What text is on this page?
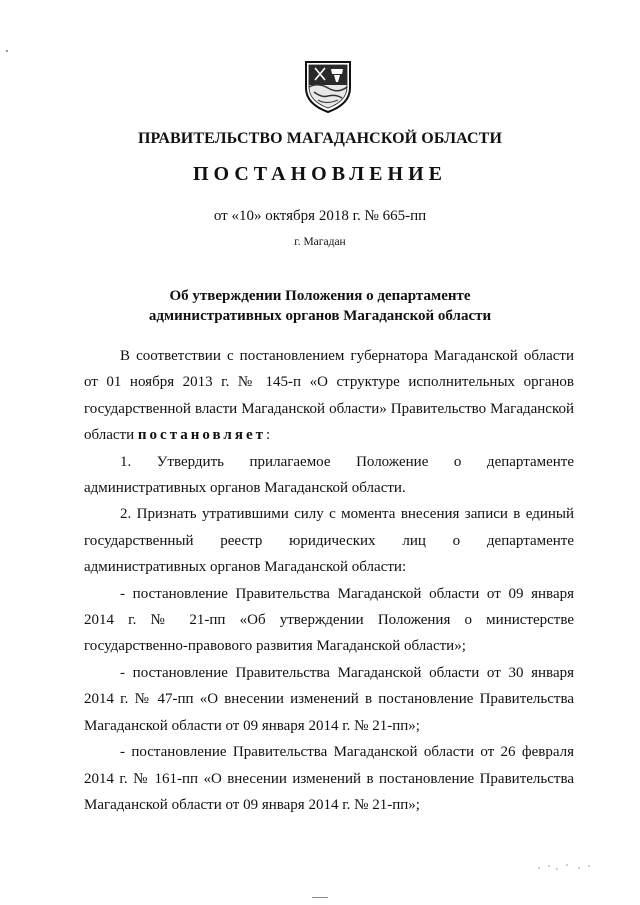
ПРАВИТЕЛЬСТВО МАГАДАНСКОЙ ОБЛАСТИ
ПОСТАНОВЛЕНИЕ
от «10» октября 2018 г. № 665-пп
г. Магадан
Об утверждении Положения о департаменте
административных органов Магаданской области

В соответствии с постановлением губернатора Магаданской области от 01 ноября 2013 г. № 145-п «О структуре исполнительных органов государственной власти Магаданской области» Правительство Магаданской области постановляет:

1. Утвердить прилагаемое Положение о департаменте административных органов Магаданской области.

2. Признать утратившими силу с момента внесения записи в единый государственный реестр юридических лиц о департаменте административных органов Магаданской области:

- постановление Правительства Магаданской области от 09 января 2014 г. № 21-пп «Об утверждении Положения о министерстве государственно-правового развития Магаданской области»;

- постановление Правительства Магаданской области от 30 января 2014 г. № 47-пп «О внесении изменений в постановление Правительства Магаданской области от 09 января 2014 г. № 21-пп»;

- постановление Правительства Магаданской области от 26 февраля 2014 г. № 161-пп «О внесении изменений в постановление Правительства Магаданской области от 09 января 2014 г. № 21-пп»;
